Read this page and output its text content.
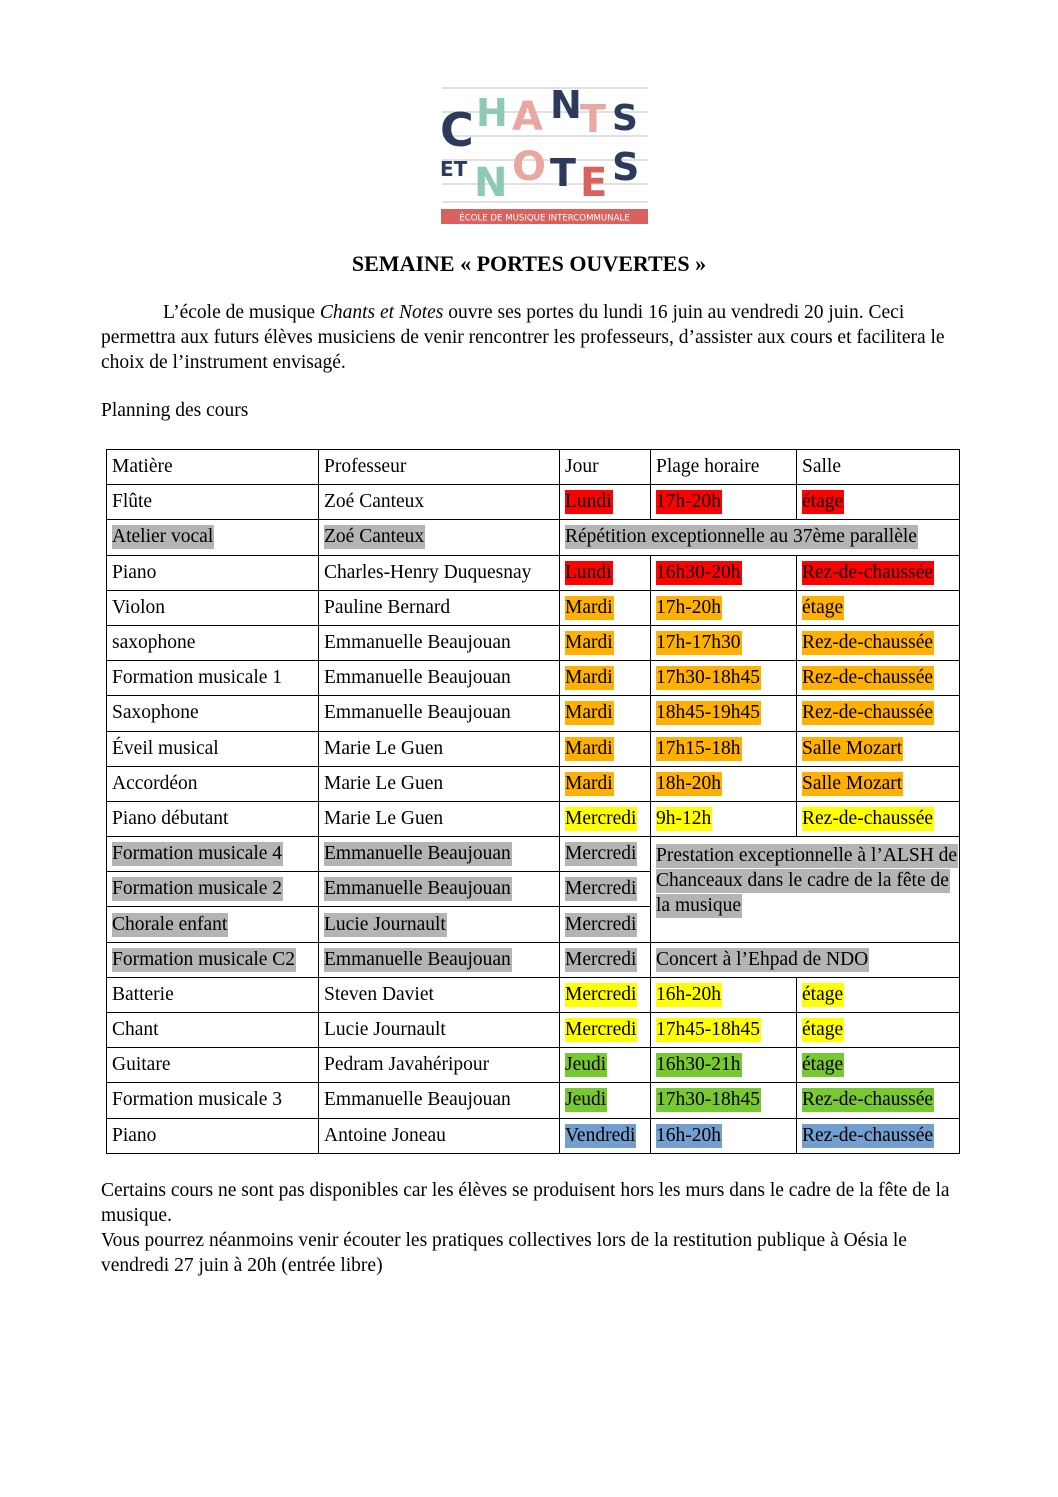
C H A N
T S
ET N O T E S
ÉCOLE DE MUSIQUE INTERCOMMUNALE
SEMAINE « PORTES OUVERTES »

L’école de musique Chants et Notes ouvre ses portes du lundi 16 juin au vendredi 20 juin. Ceci permettra aux futurs élèves musiciens de venir rencontrer les professeurs, d’assister aux cours et facilitera le choix de l’instrument envisagé.

Planning des cours
Matière	Professeur	Jour	Plage horaire	Salle
Flûte	Zoé Canteux	Lundi	17h-20h	étage
Atelier vocal	Zoé Canteux	Répétition exceptionnelle au 37ème parallèle		
Piano	Charles-Henry Duquesnay	Lundi	16h30-20h	Rez-de-chaussée
Violon	Pauline Bernard	Mardi	17h-20h	étage
saxophone	Emmanuelle Beaujouan	Mardi	17h-17h30	Rez-de-chaussée
Formation musicale 1	Emmanuelle Beaujouan	Mardi	17h30-18h45	Rez-de-chaussée
Saxophone	Emmanuelle Beaujouan	Mardi	18h45-19h45	Rez-de-chaussée
Éveil musical	Marie Le Guen	Mardi	17h15-18h	Salle Mozart
Accordéon	Marie Le Guen	Mardi	18h-20h	Salle Mozart
Piano débutant	Marie Le Guen	Mercredi	9h-12h	Rez-de-chaussée
Formation musicale 4	Emmanuelle Beaujouan	Mercredi	Prestation exceptionnelle à l’ALSH de Chanceaux dans le cadre de la fête de la musique	
Formation musicale 2	Emmanuelle Beaujouan	Mercredi		
Chorale enfant	Lucie Journault	Mercredi		
Formation musicale C2	Emmanuelle Beaujouan	Mercredi	Concert à l’Ehpad de NDO	
Batterie	Steven Daviet	Mercredi	16h-20h	étage
Chant	Lucie Journault	Mercredi	17h45-18h45	étage
Guitare	Pedram Javahéripour	Jeudi	16h30-21h	étage
Formation musicale 3	Emmanuelle Beaujouan	Jeudi	17h30-18h45	Rez-de-chaussée
Piano	Antoine Joneau	Vendredi	16h-20h	Rez-de-chaussée

Certains cours ne sont pas disponibles car les élèves se produisent hors les murs dans le cadre de la fête de la musique.

Vous pourrez néanmoins venir écouter les pratiques collectives lors de la restitution publique à Oésia le vendredi 27 juin à 20h (entrée libre)
